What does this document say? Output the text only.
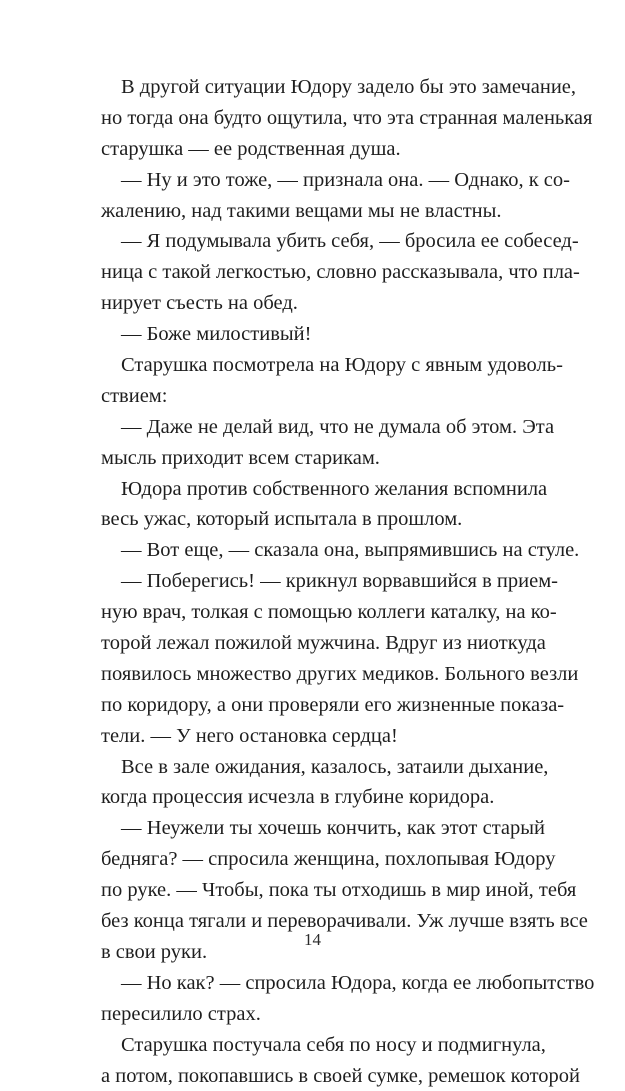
В другой ситуации Юдору задело бы это замечание,
но тогда она будто ощутила, что эта странная маленькая
старушка — ее родственная душа.
— Ну и это тоже, — признала она. — Однако, к со-
жалению, над такими вещами мы не властны.
— Я подумывала убить себя, — бросила ее собесед-
ница с такой легкостью, словно рассказывала, что пла-
нирует съесть на обед.
— Боже милостивый!
Старушка посмотрела на Юдору с явным удоволь-
ствием:
— Даже не делай вид, что не думала об этом. Эта
мысль приходит всем старикам.
Юдора против собственного желания вспомнила
весь ужас, который испытала в прошлом.
— Вот еще, — сказала она, выпрямившись на стуле.
— Поберегись! — крикнул ворвавшийся в прием-
ную врач, толкая с помощью коллеги каталку, на ко-
торой лежал пожилой мужчина. Вдруг из ниоткуда
появилось множество других медиков. Больного везли
по коридору, а они проверяли его жизненные показа-
тели. — У него остановка сердца!
Все в зале ожидания, казалось, затаили дыхание,
когда процессия исчезла в глубине коридора.
— Неужели ты хочешь кончить, как этот старый
бедняга? — спросила женщина, похлопывая Юдору
по руке. — Чтобы, пока ты отходишь в мир иной, тебя
без конца тягали и переворачивали. Уж лучше взять все
в свои руки.
— Но как? — спросила Юдора, когда ее любопытство
пересилило страх.
Старушка постучала себя по носу и подмигнула,
а потом, покопавшись в своей сумке, ремешок которой
14
